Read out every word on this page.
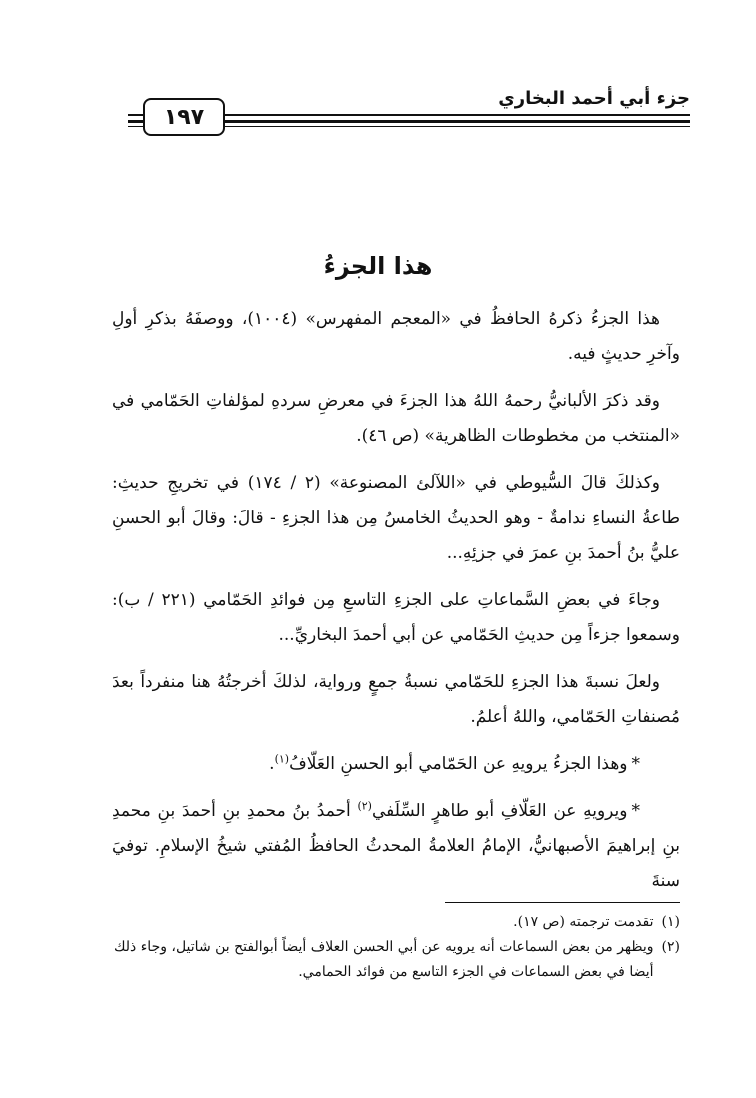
١٩٧
جزء أبي أحمد البخاري
هذا الجزءُ

هذا الجزءُ ذكرهُ الحافظُ في «المعجم المفهرس» (١٠٠٤)، ووصفَهُ بذكرِ أولِ وآخرِ حديثٍ فيه.

وقد ذكرَ الألبانيُّ رحمهُ اللهُ هذا الجزءَ في معرضِ سردهِ لمؤلفاتِ الحَمّامي في «المنتخب من مخطوطات الظاهرية» (ص ٤٦).

وكذلكَ قالَ السُّيوطي في «اللآلئ المصنوعة» (٢ / ١٧٤) في تخريجِ حديثِ: طاعةُ النساءِ ندامةٌ - وهو الحديثُ الخامسُ مِن هذا الجزءِ - قالَ: وقالَ أبو الحسنِ عليُّ بنُ أحمدَ بنِ عمرَ في جزئِهِ...

وجاءَ في بعضِ السَّماعاتِ على الجزءِ التاسعِ مِن فوائدِ الحَمّامي (٢٢١ / ب): وسمعوا جزءاً مِن حديثِ الحَمّامي عن أبي أحمدَ البخاريِّ...

ولعلَ نسبةَ هذا الجزءِ للحَمّامي نسبةُ جمعٍ ورواية، لذلكَ أخرجتُهُ هنا منفرداً بعدَ مُصنفاتِ الحَمّامي، واللهُ أعلمُ.

*وهذا الجزءُ يرويهِ عن الحَمّامي أبو الحسنِ العَلّافُ$^{(١)}$.

*ويرويهِ عن العَلّافِ أبو طاهرٍ السِّلَفي$^{(٢)}$ أحمدُ بنُ محمدِ بنِ أحمدَ بنِ محمدِ بنِ إبراهيمَ الأصبهانيُّ، الإمامُ العلامةُ المحدثُ الحافظُ المُفتي شيخُ الإسلامِ. توفيَ سنةَ

(١)
تقدمت ترجمته (ص ١٧).
(٢)
ويظهر من بعض السماعات أنه يرويه عن أبي الحسن العلاف أيضاً أبوالفتح بن شاتيل، وجاء ذلك أيضا في بعض السماعات في الجزء التاسع من فوائد الحمامي.
